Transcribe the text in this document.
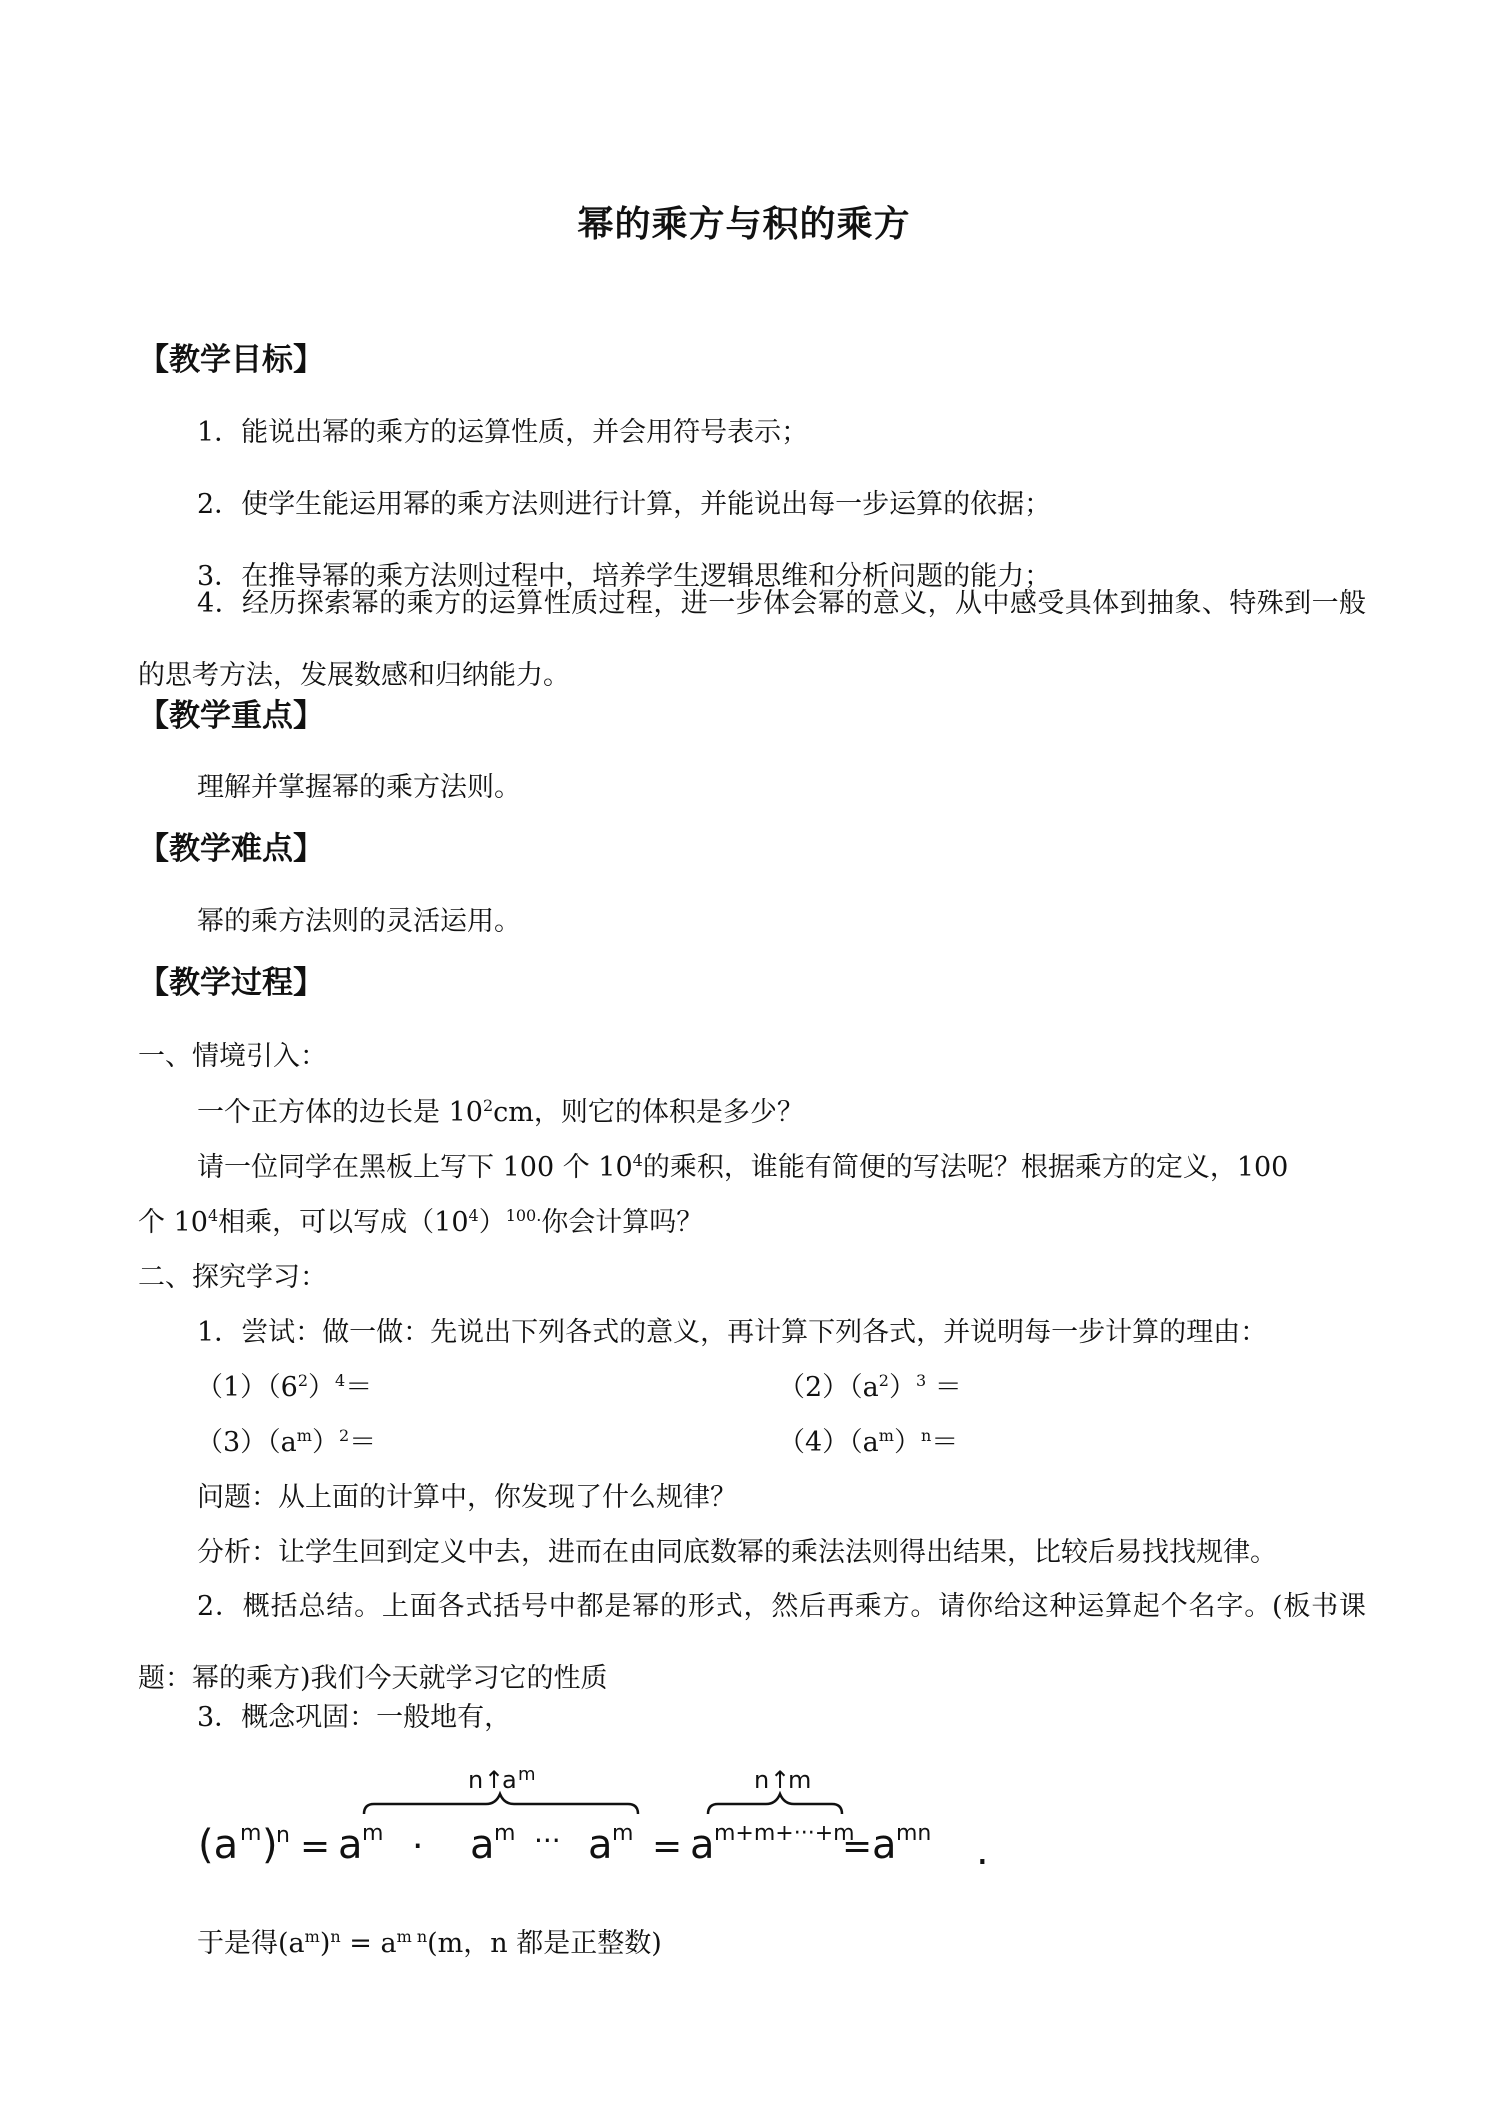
幂的乘方与积的乘方
【教学目标】
1．能说出幂的乘方的运算性质，并会用符号表示；
2．使学生能运用幂的乘方法则进行计算，并能说出每一步运算的依据；
3．在推导幂的乘方法则过程中，培养学生逻辑思维和分析问题的能力；
4．经历探索幂的乘方的运算性质过程，进一步体会幂的意义，从中感受具体到抽象、特殊到一般的思考方法，发展数感和归纳能力。
【教学重点】
理解并掌握幂的乘方法则。
【教学难点】
幂的乘方法则的灵活运用。
【教学过程】
一、情境引入：
一个正方体的边长是 $10^2cm$，则它的体积是多少？
请一位同学在黑板上写下 100 个 $10^4$的乘积，谁能有简便的写法呢？根据乘方的定义，100
个 $10^4$相乘，可以写成$(10^4)^{100.}$你会计算吗？
二、探究学习：
1．尝试：做一做：先说出下列各式的意义，再计算下列各式，并说明每一步计算的理由：
$(1)(6^2)^4=$	$(2)(a^2)^3$ ＝
$(3)(a^m)^2=$	$(4)(a^m)^n=$
问题：从上面的计算中，你发现了什么规律？
分析：让学生回到定义中去，进而在由同底数幂的乘法法则得出结果，比较后易找找规律。
2．概括总结。上面各式括号中都是幂的形式，然后再乘方。请你给这种运算起个名字。(板书课题：幂的乘方)我们今天就学习它的性质
3．概念巩固：一般地有，
(a m )
n = a m · a m ··· a m
n ↑
a m
= a m+m+···+m
n ↑
m
= a mn .
于是得$(a^m)^n = a^{m n}(m$，n 都是正整数)
